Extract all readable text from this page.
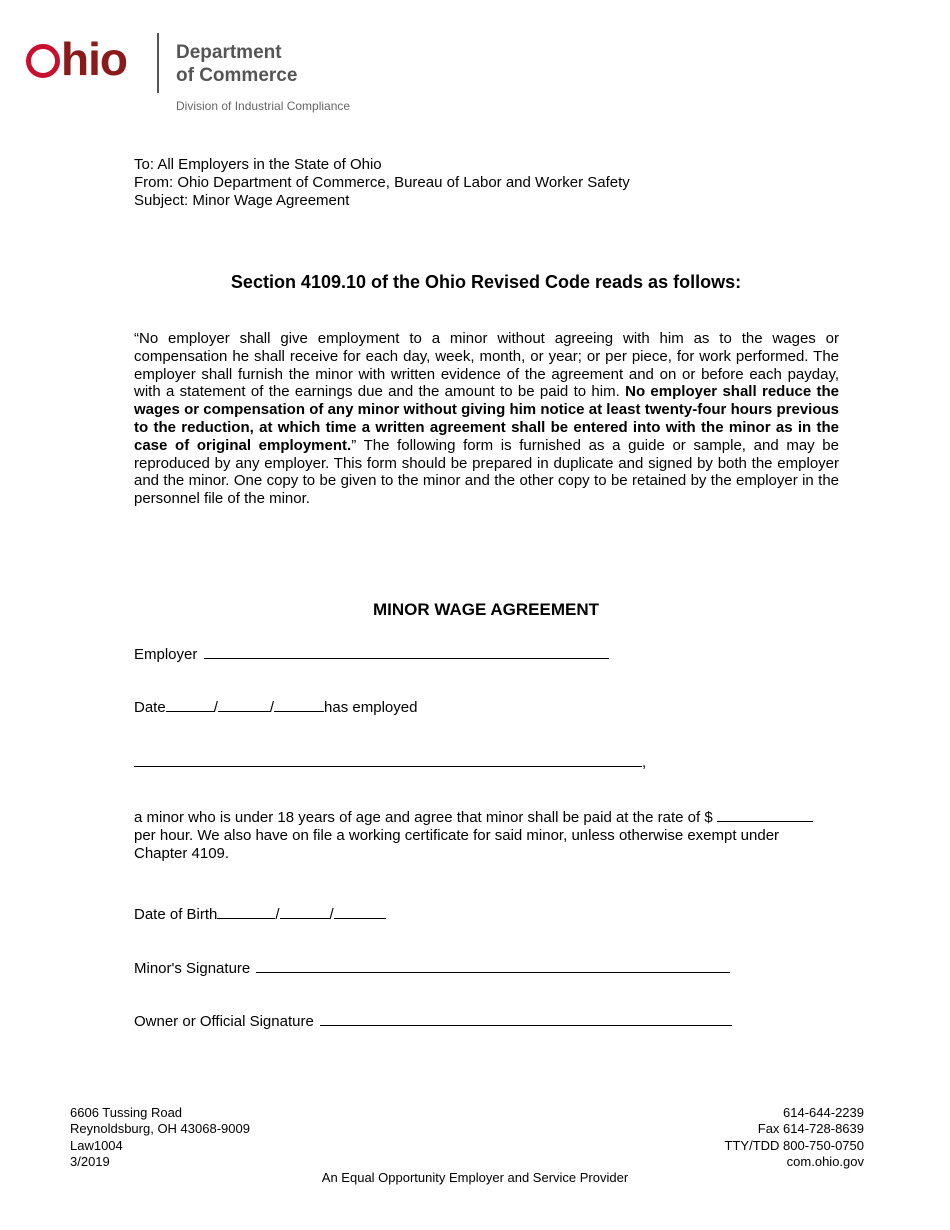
hio	Department
of Commerce
Division of Industrial Compliance
To: All Employers in the State of Ohio
From: Ohio Department of Commerce, Bureau of Labor and Worker Safety
Subject: Minor Wage Agreement
Section 4109.10 of the Ohio Revised Code reads as follows:
“No employer shall give employment to a minor without agreeing with him as to the wages or compensation he shall receive for each day, week, month, or year; or per piece, for work performed. The employer shall furnish the minor with written evidence of the agreement and on or before each payday, with a statement of the earnings due and the amount to be paid to him. No employer shall reduce the wages or compensation of any minor without giving him notice at least twenty-four hours previous to the reduction, at which time a written agreement shall be entered into with the minor as in the case of original employment.” The following form is furnished as a guide or sample, and may be reproduced by any employer. This form should be prepared in duplicate and signed by both the employer and the minor. One copy to be given to the minor and the other copy to be retained by the employer in the personnel file of the minor.
MINOR WAGE AGREEMENT
Employer
Date	/	/	has employed
,
a minor who is under 18 years of age and agree that minor shall be paid at the rate of $  per hour. We also have on file a working certificate for said minor, unless otherwise exempt under Chapter 4109.
Date of Birth	/	/
Minor's Signature
Owner or Official Signature
6606 Tussing Road
Reynoldsburg, OH 43068-9009
Law1004
3/2019
614-644-2239
Fax 614-728-8639
TTY/TDD 800-750-0750
com.ohio.gov
An Equal Opportunity Employer and Service Provider
